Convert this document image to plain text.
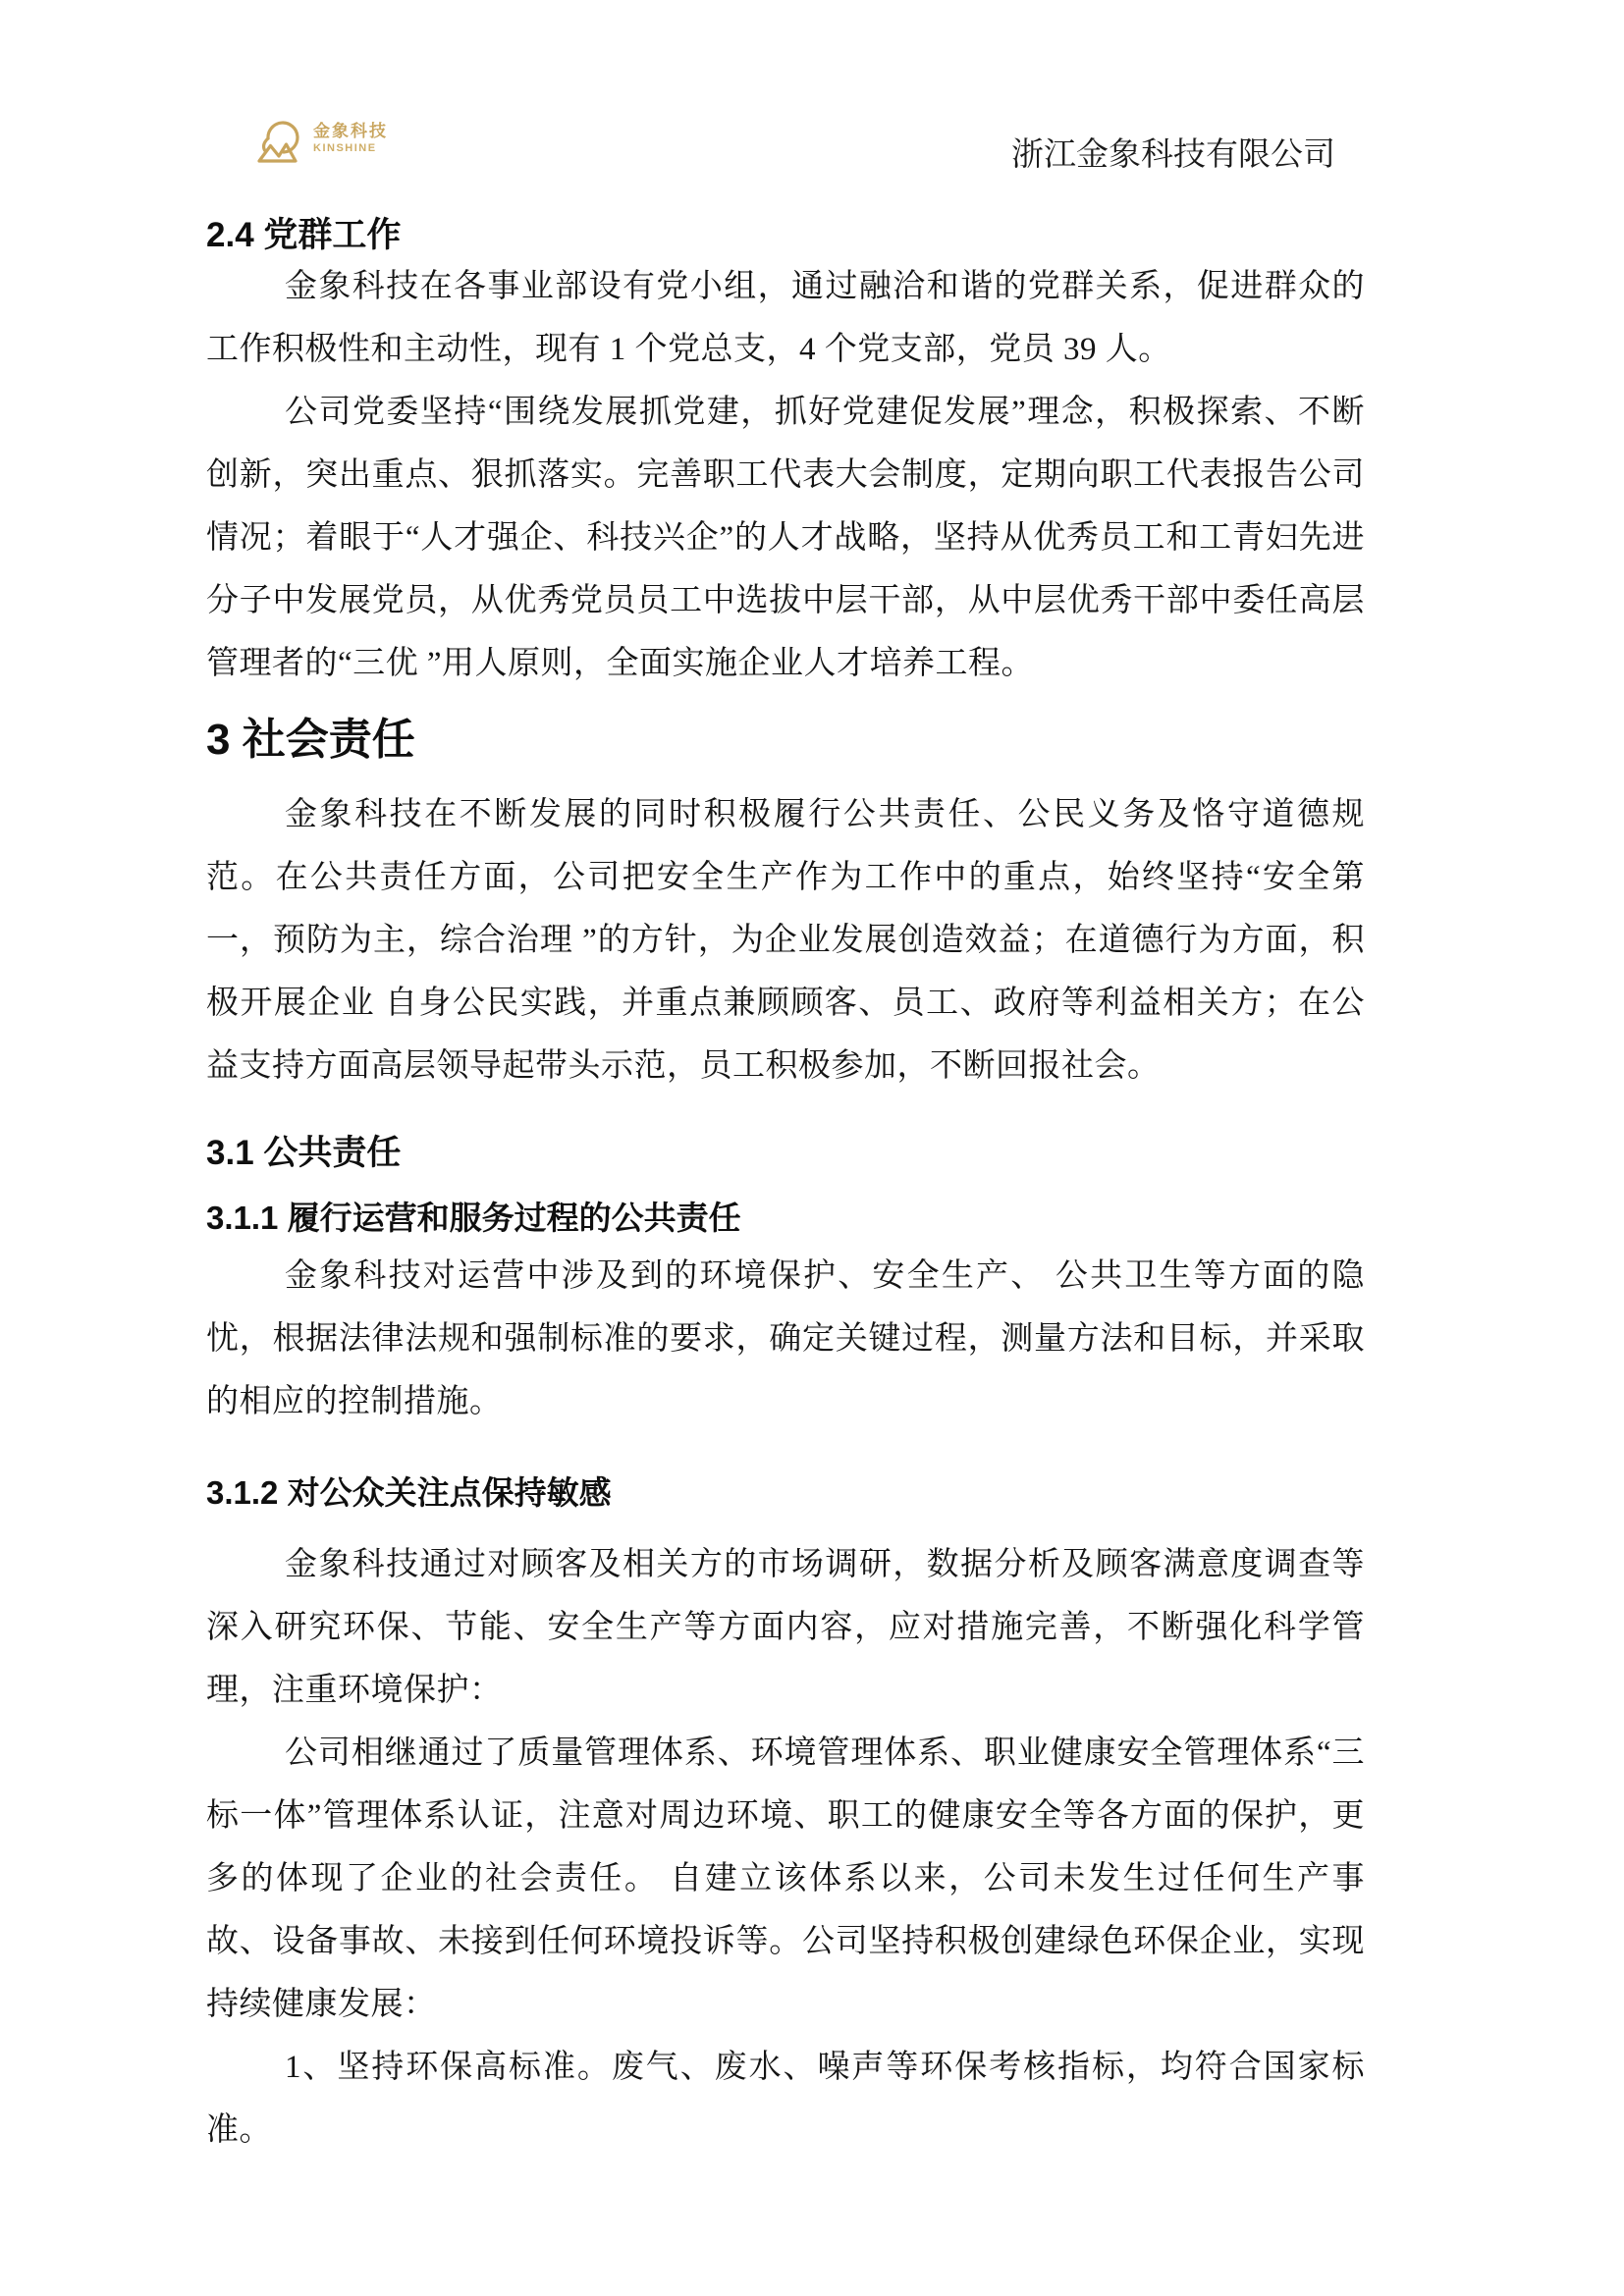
金象科技
KINSHINE	浙江金象科技有限公司
2.4 党群工作

金象科技在各事业部设有党小组，通过融洽和谐的党群关系，促进群众的工作积极性和主动性，现有 1 个党总支，4 个党支部，党员 39 人。

公司党委坚持“围绕发展抓党建，抓好党建促发展”理念，积极探索、不断创新，突出重点、狠抓落实。完善职工代表大会制度，定期向职工代表报告公司情况；着眼于“人才强企、科技兴企”的人才战略，坚持从优秀员工和工青妇先进分子中发展党员，从优秀党员员工中选拔中层干部，从中层优秀干部中委任高层管理者的“三优 ”用人原则，全面实施企业人才培养工程。

3 社会责任

金象科技在不断发展的同时积极履行公共责任、公民义务及恪守道德规范。在公共责任方面，公司把安全生产作为工作中的重点，始终坚持“安全第一，预防为主，综合治理 ”的方针，为企业发展创造效益；在道德行为方面，积极开展企业 自身公民实践，并重点兼顾顾客、员工、政府等利益相关方；在公益支持方面高层领导起带头示范，员工积极参加，不断回报社会。

3.1 公共责任
3.1.1 履行运营和服务过程的公共责任

金象科技对运营中涉及到的环境保护、安全生产、 公共卫生等方面的隐忧，根据法律法规和强制标准的要求，确定关键过程，测量方法和目标，并采取的相应的控制措施。

3.1.2 对公众关注点保持敏感

金象科技通过对顾客及相关方的市场调研，数据分析及顾客满意度调查等深入研究环保、节能、安全生产等方面内容，应对措施完善，不断强化科学管理，注重环境保护：

公司相继通过了质量管理体系、环境管理体系、职业健康安全管理体系“三标一体”管理体系认证，注意对周边环境、职工的健康安全等各方面的保护，更多的体现了企业的社会责任。 自建立该体系以来，公司未发生过任何生产事故、设备事故、未接到任何环境投诉等。公司坚持积极创建绿色环保企业，实现持续健康发展：

1、坚持环保高标准。废气、废水、噪声等环保考核指标，均符合国家标准。
